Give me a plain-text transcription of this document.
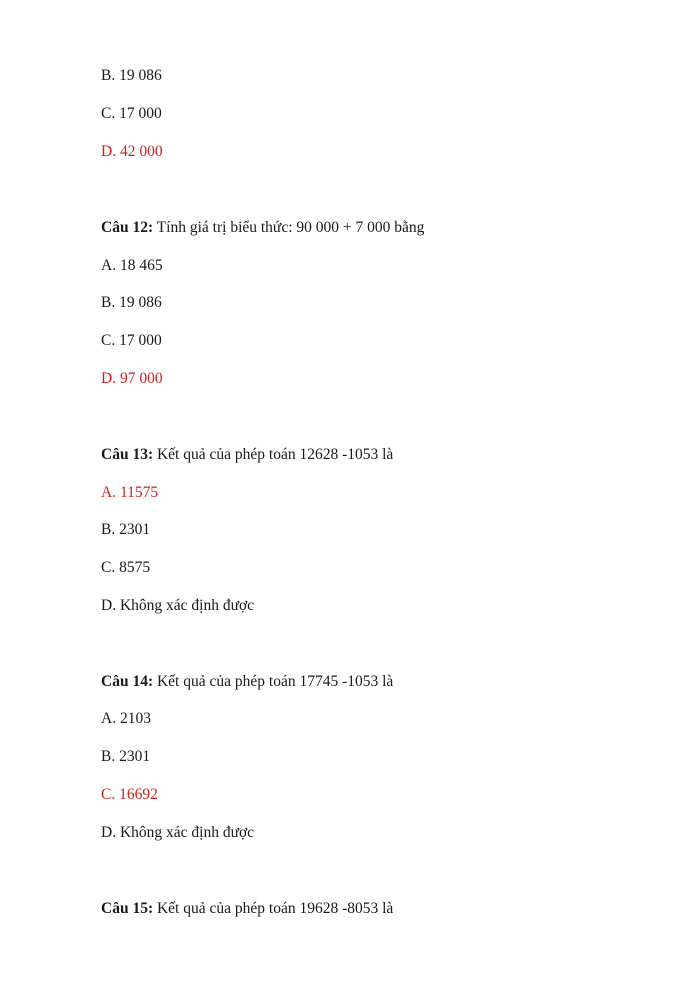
B. 19 086
C. 17 000
D. 42 000
Câu 12: Tính giá trị biểu thức: 90 000 + 7 000 bằng
A. 18 465
B. 19 086
C. 17 000
D. 97 000
Câu 13: Kết quả của phép toán 12628 -1053 là
A. 11575
B. 2301
C. 8575
D. Không xác định được
Câu 14: Kết quả của phép toán 17745 -1053 là
A. 2103
B. 2301
C. 16692
D. Không xác định được
Câu 15: Kết quả của phép toán 19628 -8053 là
